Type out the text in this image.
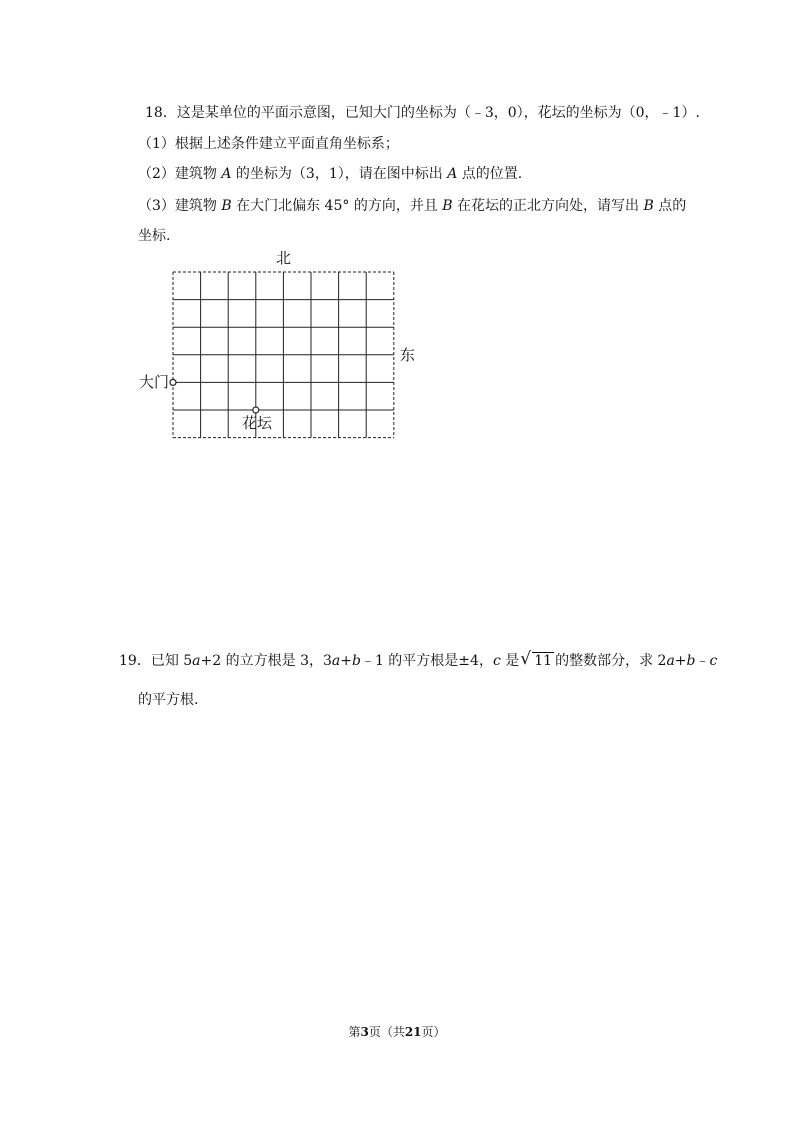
18．这是某单位的平面示意图，已知大门的坐标为（﹣3，0），花坛的坐标为（0，﹣1）.
（1）根据上述条件建立平面直角坐标系；
（2）建筑物 A 的坐标为（3，1），请在图中标出 A 点的位置.
（3）建筑物 B 在大门北偏东 45° 的方向，并且 B 在花坛的正北方向处，请写出 B 点的
坐标.
北
东
大门
花坛
19．已知 5a+2 的立方根是 3，3a+b﹣1 的平方根是±4，c 是 √ 11 的整数部分，求 2a+b﹣c
的平方根.
第3页（共21页）
